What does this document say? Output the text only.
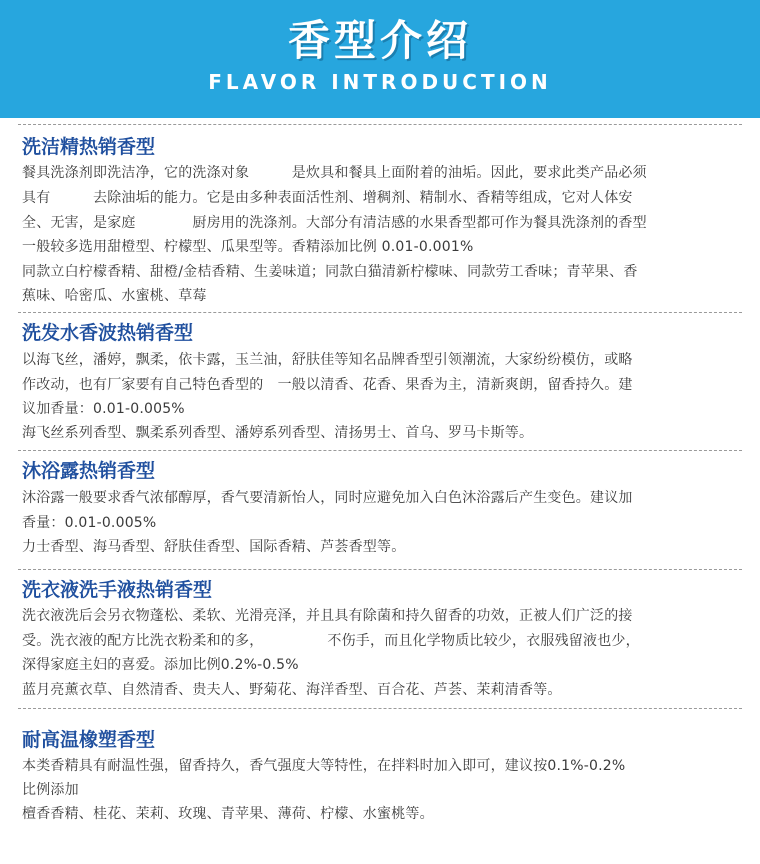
香型介绍
FLAVOR INTRODUCTION
洗洁精热销香型
餐具洗涤剂即洗洁净，它的洗涤对象　　　是炊具和餐具上面附着的油垢。因此，要求此类产品必须
具有　　　去除油垢的能力。它是由多种表面活性剂、增稠剂、精制水、香精等组成，它对人体安
全、无害，是家庭　　　　厨房用的洗涤剂。大部分有清洁感的水果香型都可作为餐具洗涤剂的香型
一般较多选用甜橙型、柠檬型、瓜果型等。香精添加比例 0.01-0.001%
同款立白柠檬香精、甜橙/金桔香精、生姜味道；同款白猫清新柠檬味、同款劳工香味；青苹果、香
蕉味、哈密瓜、水蜜桃、草莓
洗发水香波热销香型
以海飞丝，潘婷，飘柔，依卡露，玉兰油，舒肤佳等知名品牌香型引领潮流，大家纷纷模仿，或略
作改动，也有厂家要有自己特色香型的　一般以清香、花香、果香为主，清新爽朗，留香持久。建
议加香量：0.01-0.005%
海飞丝系列香型、飘柔系列香型、潘婷系列香型、清扬男士、首乌、罗马卡斯等。
沐浴露热销香型
沐浴露一般要求香气浓郁醇厚，香气要清新怡人，同时应避免加入白色沐浴露后产生变色。建议加
香量：0.01-0.005%
力士香型、海马香型、舒肤佳香型、国际香精、芦荟香型等。
洗衣液洗手液热销香型
洗衣液洗后会另衣物蓬松、柔软、光滑亮泽，并且具有除菌和持久留香的功效，正被人们广泛的接
受。洗衣液的配方比洗衣粉柔和的多，　　　　　不伤手，而且化学物质比较少，衣服残留液也少，
深得家庭主妇的喜爱。添加比例0.2%-0.5%
蓝月亮薰衣草、自然清香、贵夫人、野菊花、海洋香型、百合花、芦荟、茉莉清香等。
耐高温橡塑香型
本类香精具有耐温性强，留香持久，香气强度大等特性，在拌料时加入即可，建议按0.1%-0.2%
比例添加
檀香香精、桂花、茉莉、玫瑰、青苹果、薄荷、柠檬、水蜜桃等。
